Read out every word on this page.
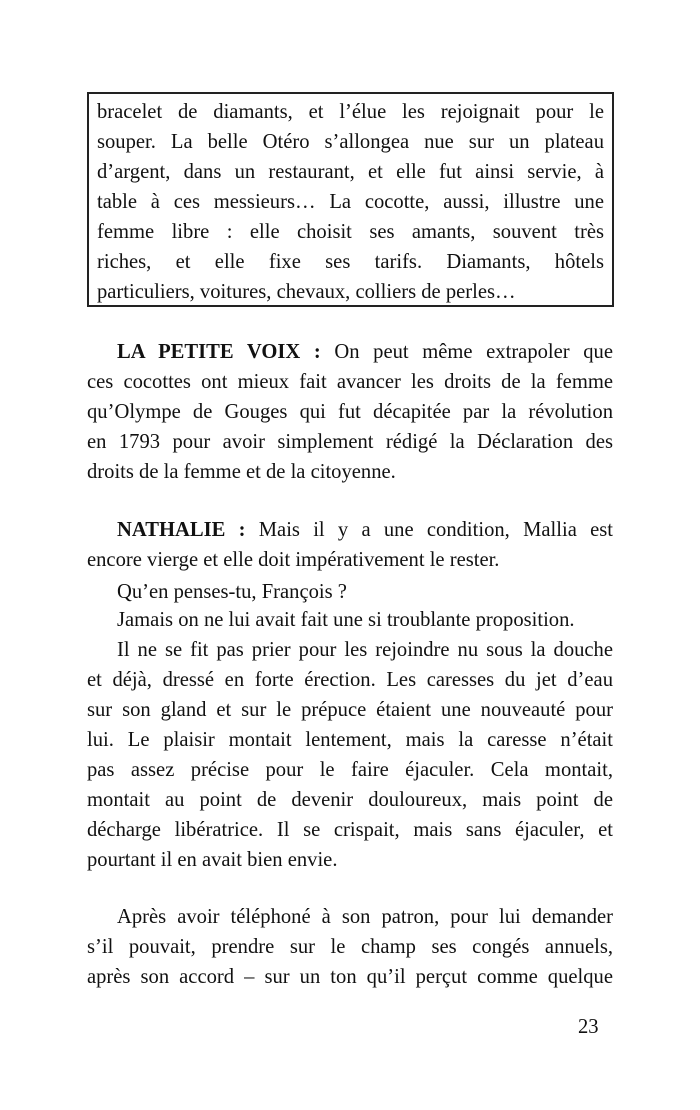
bracelet de diamants, et l’élue les rejoignait pour le
souper. La belle Otéro s’allongea nue sur un plateau
d’argent, dans un restaurant, et elle fut ainsi servie, à
table à ces messieurs… La cocotte, aussi, illustre une
femme libre : elle choisit ses amants, souvent très
riches, et elle fixe ses tarifs. Diamants, hôtels
particuliers, voitures, chevaux, colliers de perles…
LA PETITE VOIX : On peut même extrapoler que
ces cocottes ont mieux fait avancer les droits de la femme
qu’Olympe de Gouges qui fut décapitée par la révolution
en 1793 pour avoir simplement rédigé la Déclaration des
droits de la femme et de la citoyenne.
NATHALIE : Mais il y a une condition, Mallia est
encore vierge et elle doit impérativement le rester.
Qu’en penses-tu, François ?
Jamais on ne lui avait fait une si troublante proposition.
Il ne se fit pas prier pour les rejoindre nu sous la douche
et déjà, dressé en forte érection. Les caresses du jet d’eau
sur son gland et sur le prépuce étaient une nouveauté pour
lui. Le plaisir montait lentement, mais la caresse n’était
pas assez précise pour le faire éjaculer. Cela montait,
montait au point de devenir douloureux, mais point de
décharge libératrice. Il se crispait, mais sans éjaculer, et
pourtant il en avait bien envie.
Après avoir téléphoné à son patron, pour lui demander
s’il pouvait, prendre sur le champ ses congés annuels,
après son accord – sur un ton qu’il perçut comme quelque
23
